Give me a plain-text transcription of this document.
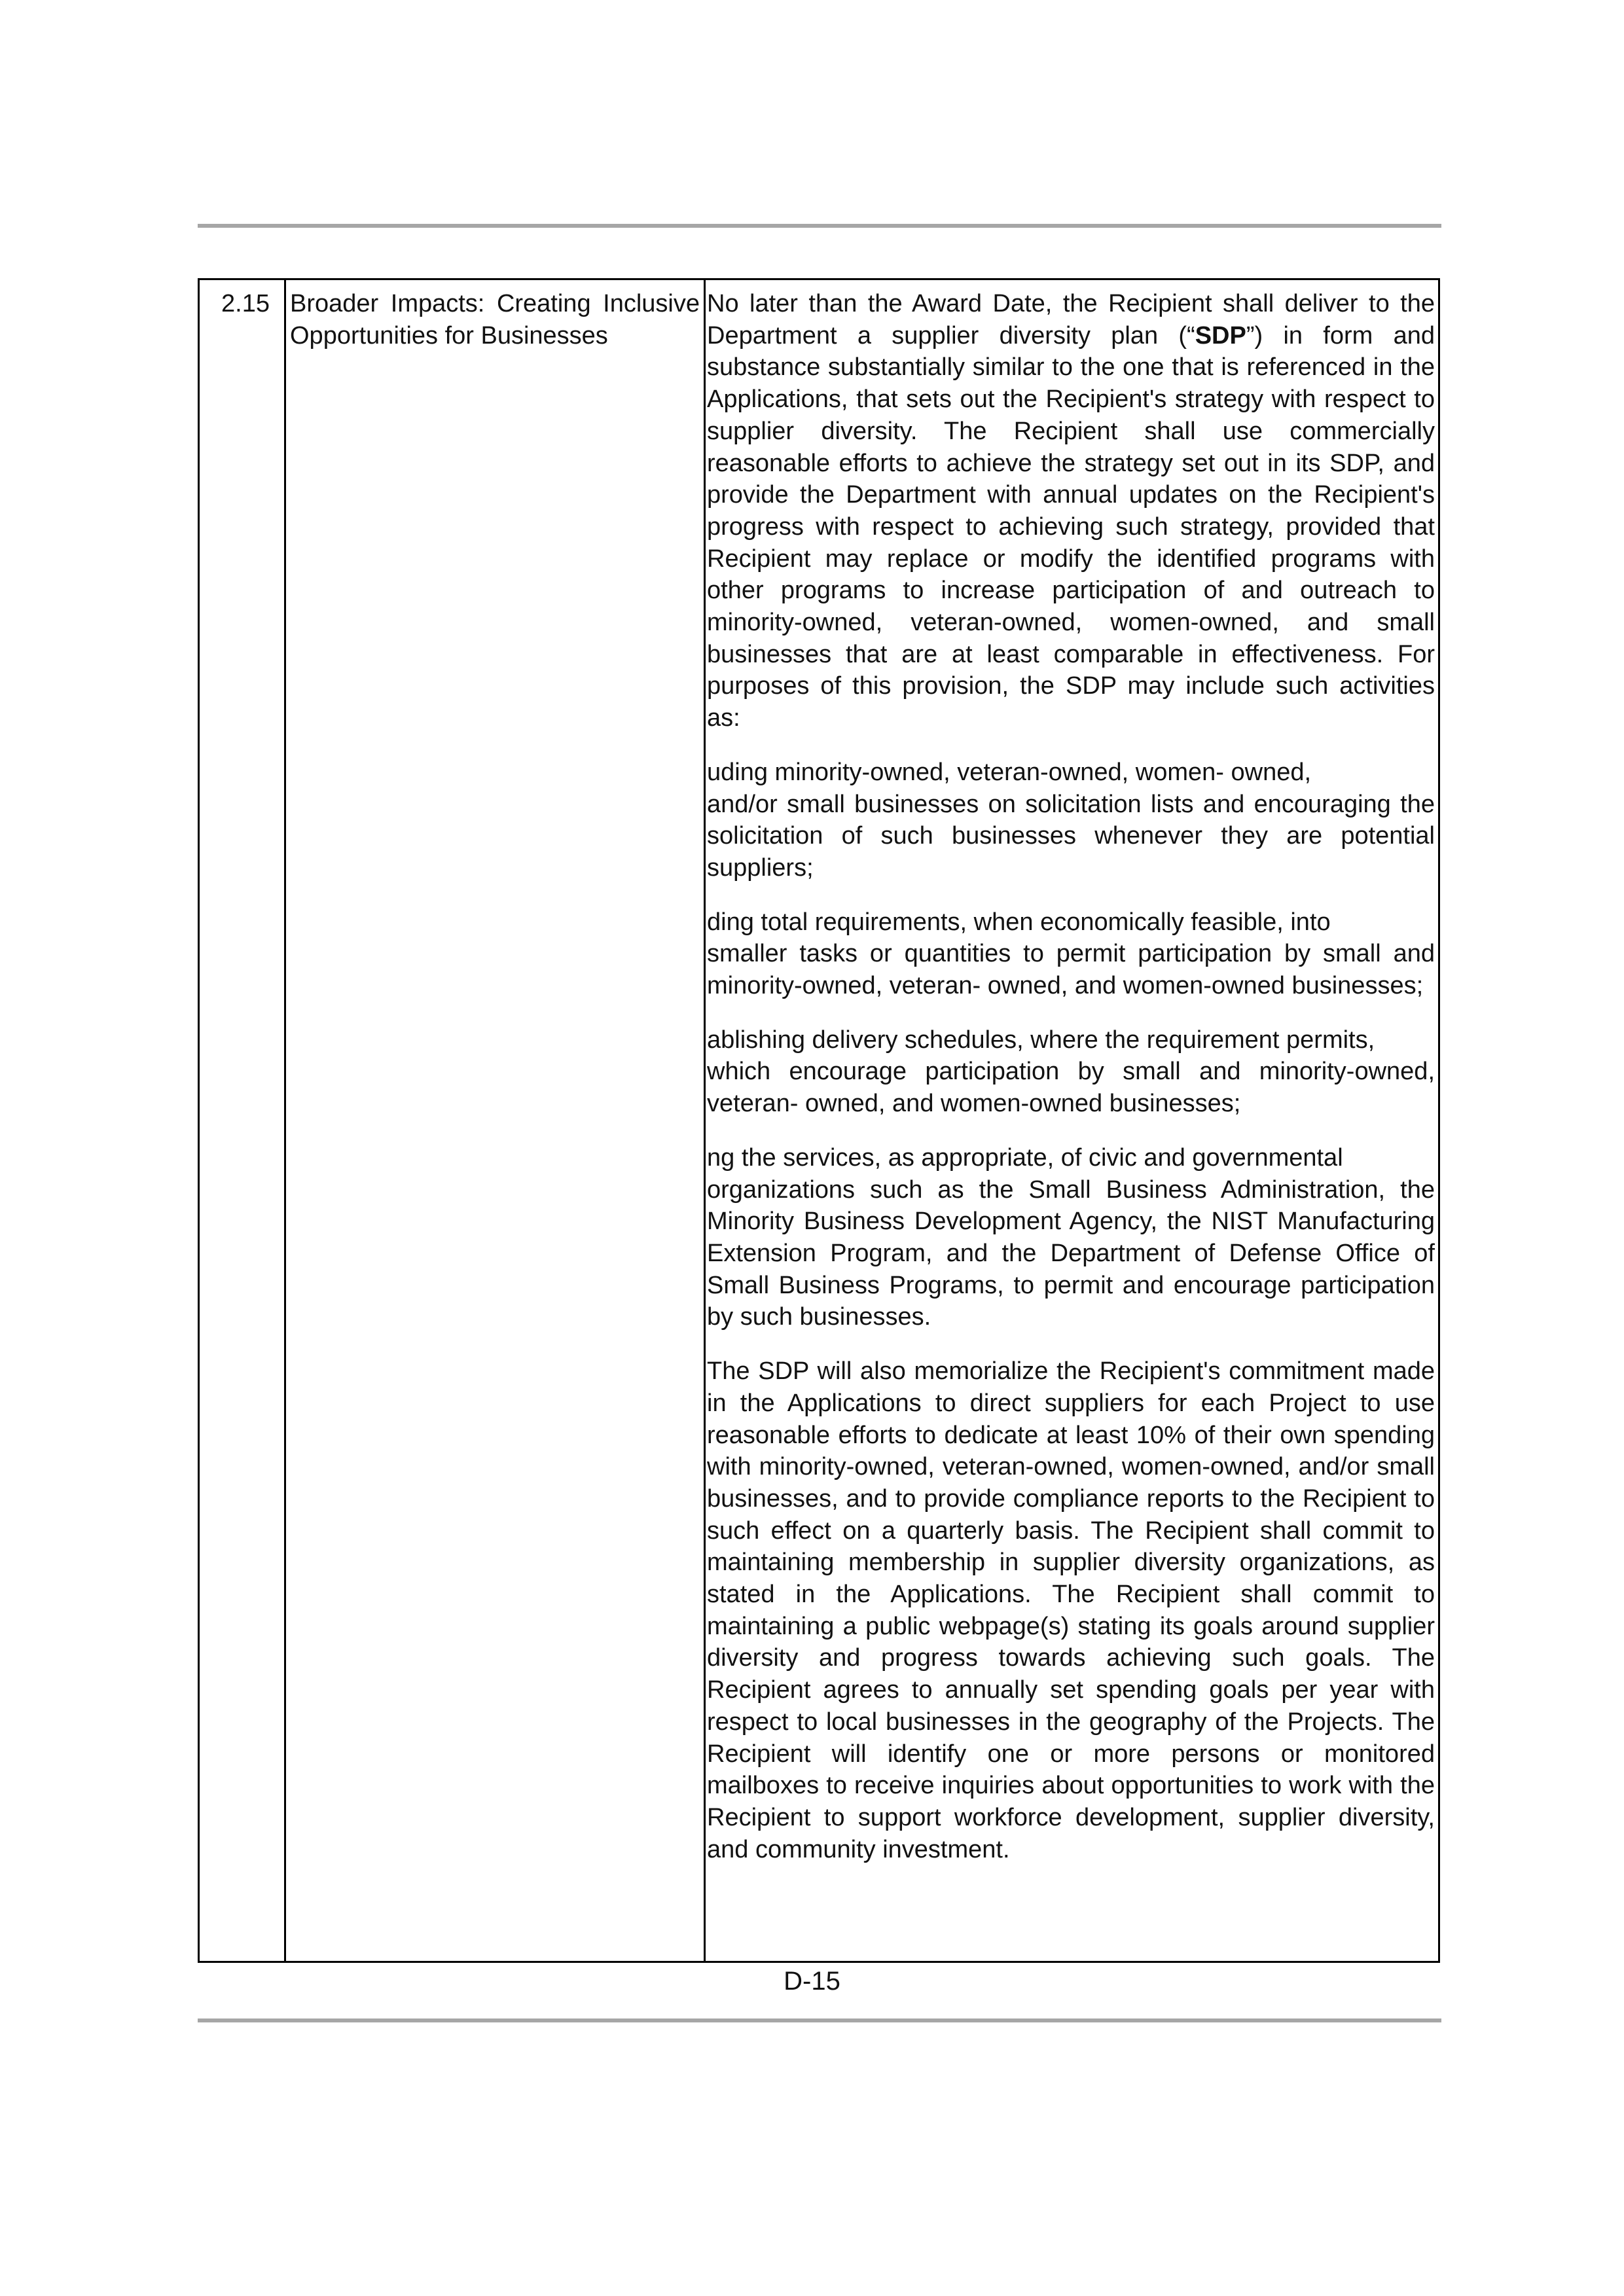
2.15 Broader Impacts: Creating Inclusive Opportunities for Businesses

No later than the Award Date, the Recipient shall deliver to the Department a supplier diversity plan (“SDP”) in form and substance substantially similar to the one that is referenced in the Applications, that sets out the Recipient's strategy with respect to supplier diversity. The Recipient shall use commercially reasonable efforts to achieve the strategy set out in its SDP, and provide the Department with annual updates on the Recipient's progress with respect to achieving such strategy, provided that Recipient may replace or modify the identified programs with other programs to increase participation of and outreach to minority-owned, veteran-owned, women-owned, and small businesses that are at least comparable in effectiveness. For purposes of this provision, the SDP may include such activities as:

uding minority-owned, veteran-owned, women- owned,
and/or small businesses on solicitation lists and encouraging the solicitation of such businesses whenever they are potential suppliers;

ding total requirements, when economically feasible, into
smaller tasks or quantities to permit participation by small and minority-owned, veteran- owned, and women-owned businesses;

ablishing delivery schedules, where the requirement permits,
which encourage participation by small and minority-owned, veteran- owned, and women-owned businesses;

ng the services, as appropriate, of civic and governmental
organizations such as the Small Business Administration, the Minority Business Development Agency, the NIST Manufacturing Extension Program, and the Department of Defense Office of Small Business Programs, to permit and encourage participation by such businesses.

The SDP will also memorialize the Recipient's commitment made in the Applications to direct suppliers for each Project to use reasonable efforts to dedicate at least 10% of their own spending with minority-owned, veteran-owned, women-owned, and/or small businesses, and to provide compliance reports to the Recipient to such effect on a quarterly basis. The Recipient shall commit to maintaining membership in supplier diversity organizations, as stated in the Applications. The Recipient shall commit to maintaining a public webpage(s) stating its goals around supplier diversity and progress towards achieving such goals. The Recipient agrees to annually set spending goals per year with respect to local businesses in the geography of the Projects. The Recipient will identify one or more persons or monitored mailboxes to receive inquiries about opportunities to work with the Recipient to support workforce development, supplier diversity, and community investment.

D-15
